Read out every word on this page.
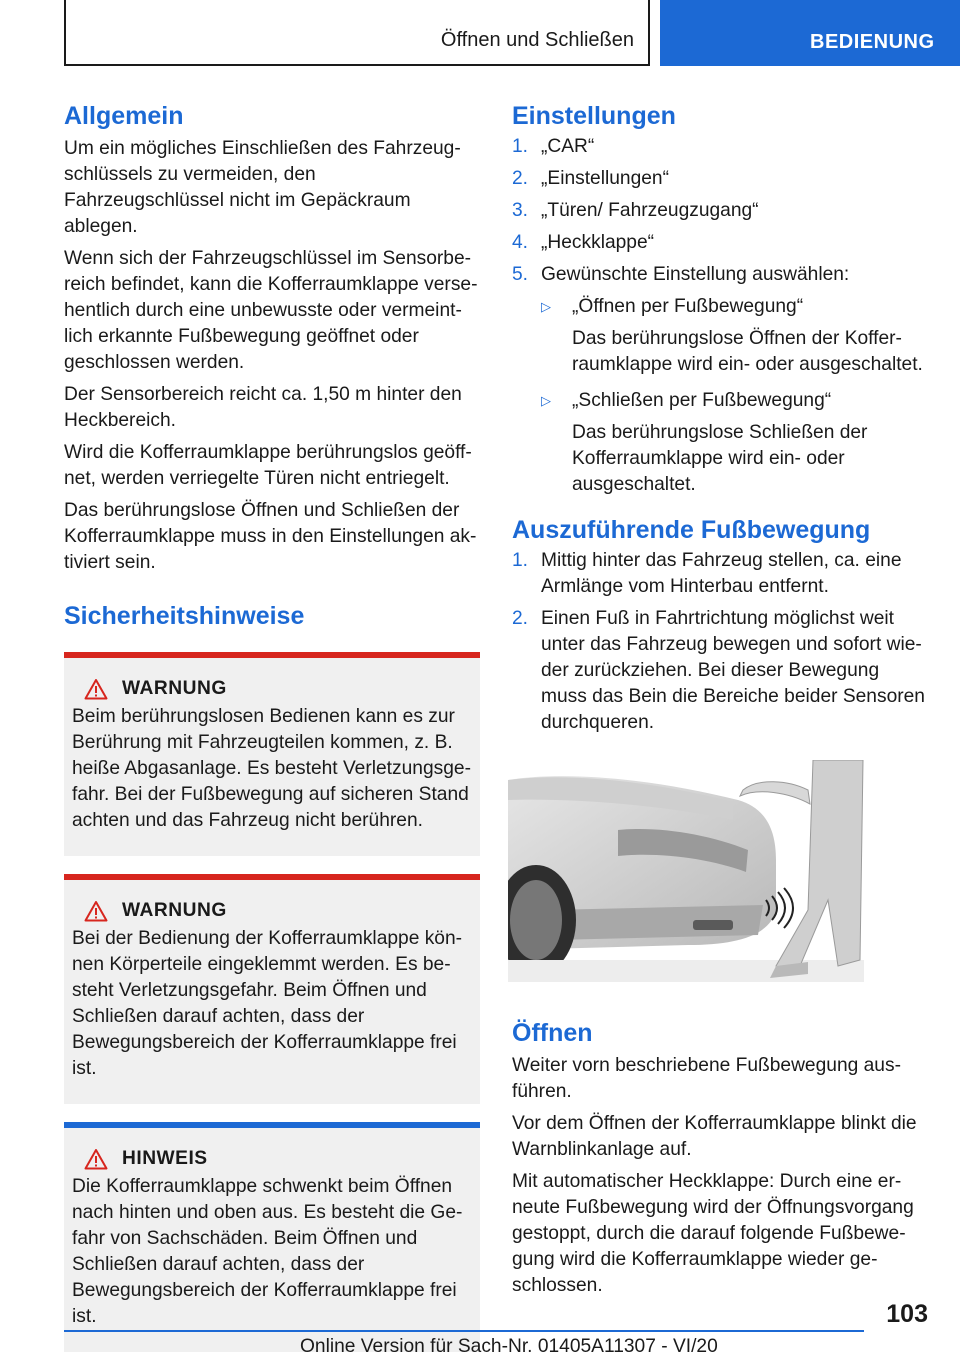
Öffnen und Schließen	BEDIENUNG
Allgemein

Um ein mögliches Einschließen des Fahrzeugschlüssels zu vermeiden, den Fahrzeugschlüssel nicht im Gepäckraum ablegen.

Wenn sich der Fahrzeugschlüssel im Sensorbereich befindet, kann die Kofferraumklappe versehentlich durch eine unbewusste oder vermeintlich erkannte Fußbewegung geöffnet oder geschlossen werden.

Der Sensorbereich reicht ca. 1,50 m hinter den Heckbereich.

Wird die Kofferraumklappe berührungslos geöffnet, werden verriegelte Türen nicht entriegelt.

Das berührungslose Öffnen und Schließen der Kofferraumklappe muss in den Einstellungen aktiviert sein.

Sicherheitshinweise
WARNUNG

Beim berührungslosen Bedienen kann es zur Berührung mit Fahrzeugteilen kommen, z. B. heiße Abgasanlage. Es besteht Verletzungsgefahr. Bei der Fußbewegung auf sicheren Stand achten und das Fahrzeug nicht berühren.

WARNUNG

Bei der Bedienung der Kofferraumklappe können Körperteile eingeklemmt werden. Es besteht Verletzungsgefahr. Beim Öffnen und Schließen darauf achten, dass der Bewegungsbereich der Kofferraumklappe frei ist.

HINWEIS

Die Kofferraumklappe schwenkt beim Öffnen nach hinten und oben aus. Es besteht die Gefahr von Sachschäden. Beim Öffnen und Schließen darauf achten, dass der Bewegungsbereich der Kofferraumklappe frei ist.

Einstellungen
1. „CAR“
2. „Einstellungen“
3. „Türen/ Fahrzeugzugang“
4. „Heckklappe“
5. Gewünschte Einstellung auswählen:
▷ „Öffnen per Fußbewegung“
Das berührungslose Öffnen der Kofferraumklappe wird ein- oder ausgeschaltet.
▷ „Schließen per Fußbewegung“
Das berührungslose Schließen der Kofferraumklappe wird ein- oder ausgeschaltet.
Auszuführende Fußbewegung
1. Mittig hinter das Fahrzeug stellen, ca. eine Armlänge vom Hinterbau entfernt.
2. Einen Fuß in Fahrtrichtung möglichst weit unter das Fahrzeug bewegen und sofort wieder zurückziehen. Bei dieser Bewegung muss das Bein die Bereiche beider Sensoren durchqueren.
Öffnen

Weiter vorn beschriebene Fußbewegung ausführen.

Vor dem Öffnen der Kofferraumklappe blinkt die Warnblinkanlage auf.

Mit automatischer Heckklappe: Durch eine erneute Fußbewegung wird der Öffnungsvorgang gestoppt, durch die darauf folgende Fußbewegung wird die Kofferraumklappe wieder geschlossen.

103
Online Version für Sach-Nr. 01405A11307 - VI/20
